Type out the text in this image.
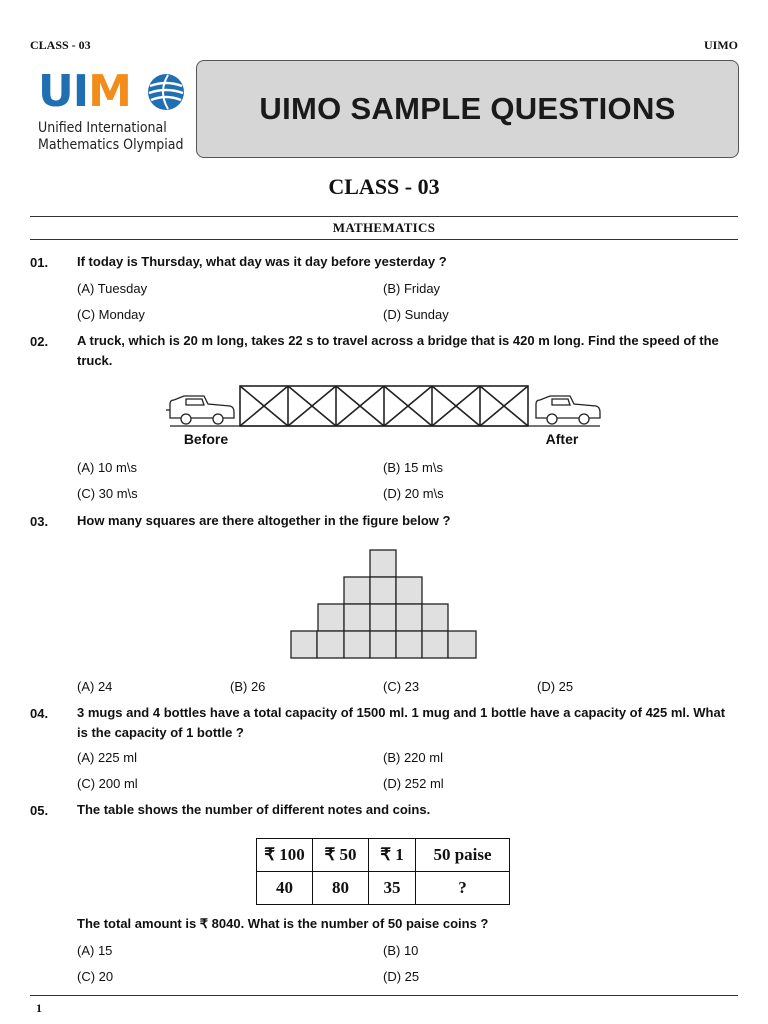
CLASS - 03	UIMO
UIM
Unified International
Mathematics Olympiad
UIMO SAMPLE QUESTIONS
CLASS - 03
MATHEMATICS
01. If today is Thursday, what day was it day before yesterday ?
(A) Tuesday	(B) Friday
(C) Monday	(D) Sunday
02. A truck, which is 20 m long, takes 22 s to travel across a bridge that is 420 m long. Find the speed of the truck.
Before	After
(A) 10 m\s	(B) 15 m\s
(C) 30 m\s	(D) 20 m\s
03. How many squares are there altogether in the figure below ?
(A) 24	(B) 26	(C) 23	(D) 25
04. 3 mugs and 4 bottles have a total capacity of 1500 ml. 1 mug and 1 bottle have a capacity of 425 ml. What is the capacity of 1 bottle ?
(A) 225 ml	(B) 220 ml
(C) 200 ml	(D) 252 ml
05. The table shows the number of different notes and coins.
₹ 100	₹ 50	₹ 1	50 paise
40	80	35	?
The total amount is ₹ 8040. What is the number of 50 paise coins ?
(A) 15	(B) 10
(C) 20	(D) 25
1
